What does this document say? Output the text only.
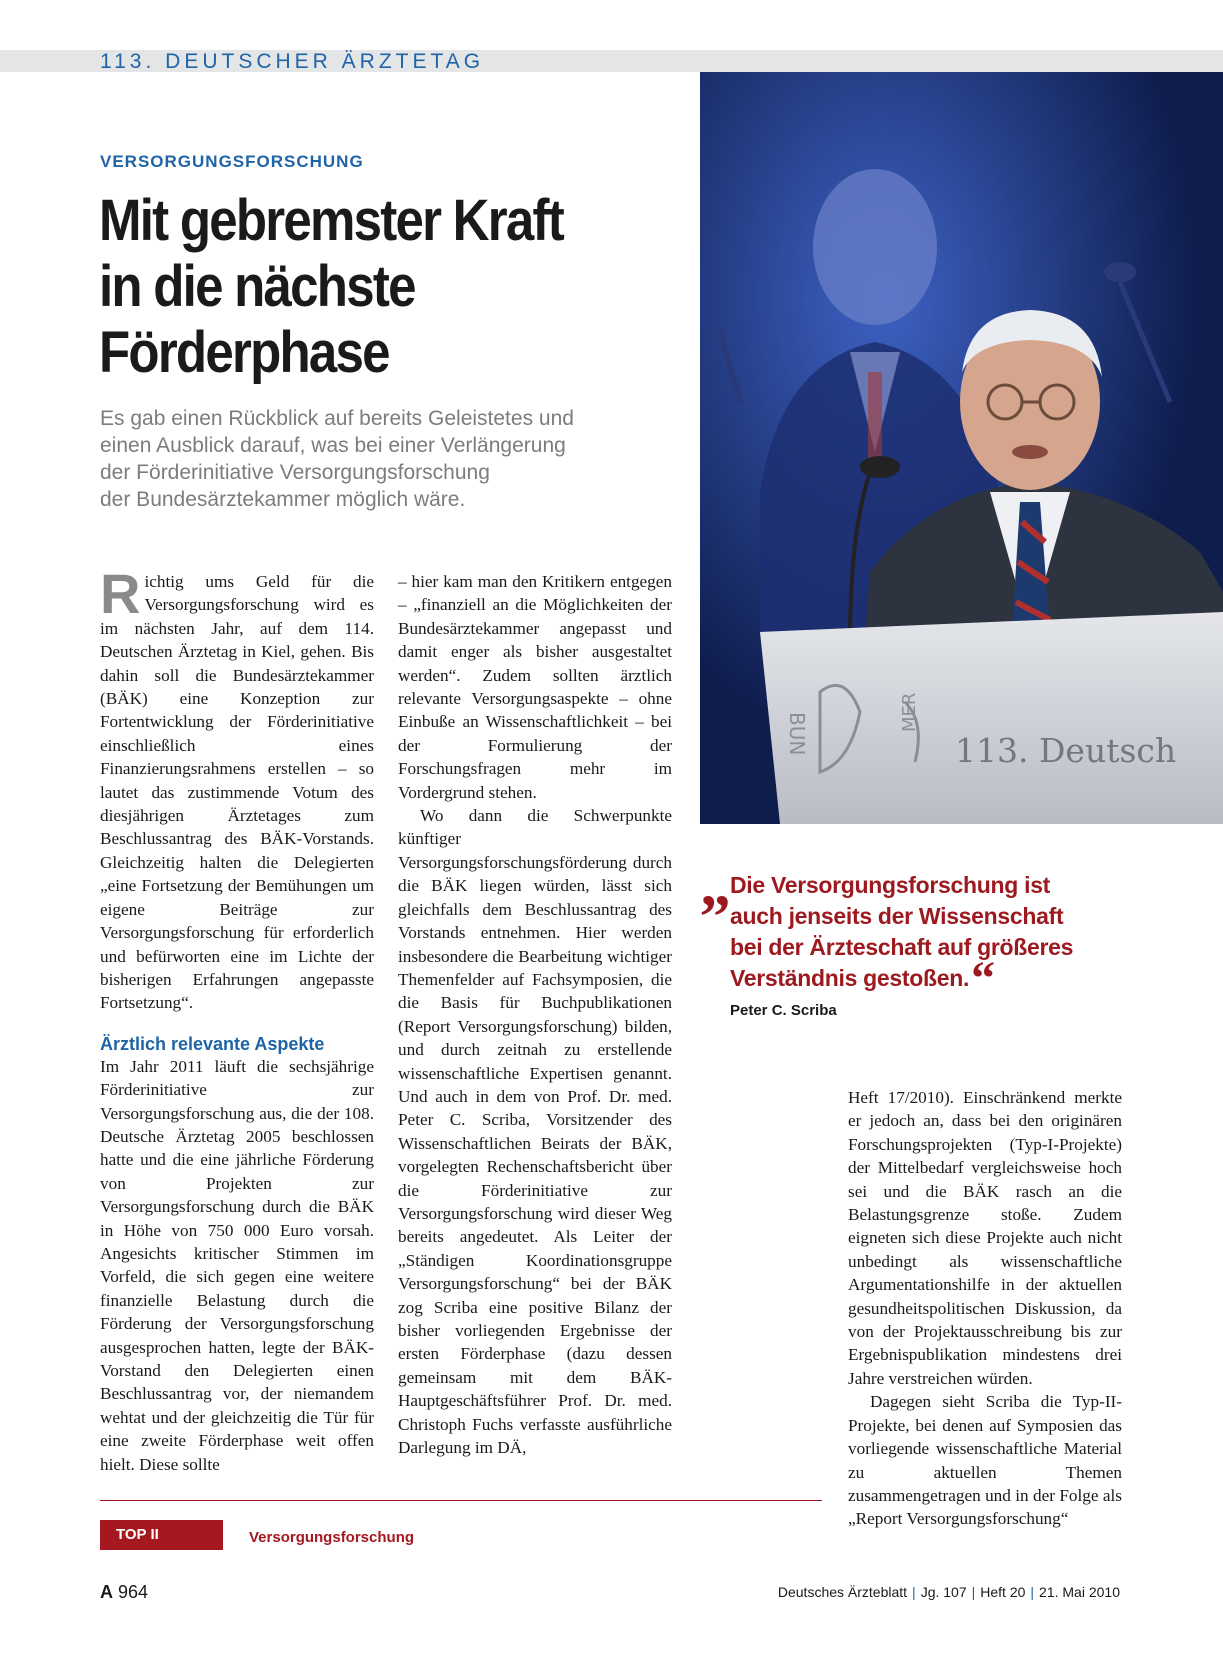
113. DEUTSCHER ÄRZTETAG
VERSORGUNGSFORSCHUNG
Mit gebremster Kraft
in die nächste
Förderphase
Es gab einen Rückblick auf bereits Geleistetes und
einen Ausblick darauf, was bei einer Verlängerung
der Förderinitiative Versorgungsforschung
der Bundesärztekammer möglich wäre.
113. Deutsch
BUN	MER

Richtig ums Geld für die Versorgungsforschung wird es im nächsten Jahr, auf dem 114. Deutschen Ärztetag in Kiel, gehen. Bis dahin soll die Bundesärztekammer (BÄK) eine Konzeption zur Fortentwicklung der Förderinitiative einschließlich eines Finanzierungsrahmens erstellen – so lautet das zustimmende Votum des diesjährigen Ärztetages zum Beschlussantrag des BÄK-Vorstands. Gleichzeitig halten die Delegierten „eine Fortsetzung der Bemühungen um eigene Beiträge zur Versorgungsforschung für erforderlich und befürworten eine im Lichte der bisherigen Erfahrungen angepasste Fortsetzung“.

Ärztlich relevante Aspekte

Im Jahr 2011 läuft die sechsjährige Förderinitiative zur Versorgungsforschung aus, die der 108. Deutsche Ärztetag 2005 beschlossen hatte und die eine jährliche Förderung von Projekten zur Versorgungsforschung durch die BÄK in Höhe von 750 000 Euro vorsah. Angesichts kritischer Stimmen im Vorfeld, die sich gegen eine weitere finanzielle Belastung durch die Förderung der Versorgungsforschung ausgesprochen hatten, legte der BÄK-Vorstand den Delegierten einen Beschlussantrag vor, der niemandem wehtat und der gleichzeitig die Tür für eine zweite Förderphase weit offen hielt. Diese sollte

– hier kam man den Kritikern entgegen – „finanziell an die Möglichkeiten der Bundesärztekammer angepasst und damit enger als bisher ausgestaltet werden“. Zudem sollten ärztlich relevante Versorgungsaspekte – ohne Einbuße an Wissenschaftlichkeit – bei der Formulierung der Forschungsfragen mehr im Vordergrund stehen.

Wo dann die Schwerpunkte künftiger Versorgungsforschungsförderung durch die BÄK liegen würden, lässt sich gleichfalls dem Beschlussantrag des Vorstands entnehmen. Hier werden insbesondere die Bearbeitung wichtiger Themenfelder auf Fachsymposien, die die Basis für Buchpublikationen (Report Versorgungsforschung) bilden, und durch zeitnah zu erstellende wissenschaftliche Expertisen genannt. Und auch in dem von Prof. Dr. med. Peter C. Scriba, Vorsitzender des Wissenschaftlichen Beirats der BÄK, vorgelegten Rechenschaftsbericht über die Förderinitiative zur Versorgungsforschung wird dieser Weg bereits angedeutet. Als Leiter der „Ständigen Koordinationsgruppe Versorgungsforschung“ bei der BÄK zog Scriba eine positive Bilanz der bisher vorliegenden Ergebnisse der ersten Förderphase (dazu dessen gemeinsam mit dem BÄK-Hauptgeschäftsführer Prof. Dr. med. Christoph Fuchs verfasste ausführliche Darlegung im DÄ,

„ Die Versorgungsforschung ist
auch jenseits der Wissenschaft
bei der Ärzteschaft auf größeres
Verständnis gestoßen.“
Peter C. Scriba

Heft 17/2010). Einschränkend merkte er jedoch an, dass bei den originären Forschungsprojekten (Typ-I-Projekte) der Mittelbedarf vergleichsweise hoch sei und die BÄK rasch an die Belastungsgrenze stoße. Zudem eigneten sich diese Projekte auch nicht unbedingt als wissenschaftliche Argumentationshilfe in der aktuellen gesundheitspolitischen Diskussion, da von der Projektausschreibung bis zur Ergebnispublikation mindestens drei Jahre verstreichen würden.

Dagegen sieht Scriba die Typ-II-Projekte, bei denen auf Symposien das vorliegende wissenschaftliche Material zu aktuellen Themen zusammengetragen und in der Folge als „Report Versorgungsforschung“

TOP II	Versorgungsforschung
A 964	Deutsches Ärzteblatt | Jg. 107 | Heft 20 | 21. Mai 2010
